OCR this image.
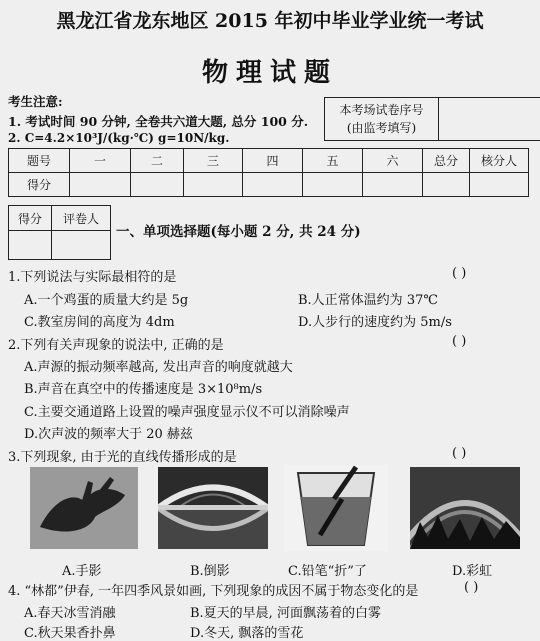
黑龙江省龙东地区 2015 年初中毕业学业统一考试
物理试题
考生注意:
1. 考试时间 90 分钟, 全卷共六道大题, 总分 100 分.
2. C=4.2×10³J/(kg·℃) g=10N/kg.
本考场试卷序号
(由监考填写)
题号	一	二	三	四	五	六	总分	核分人
得分								
得分	评卷人

一、单项选择题(每小题 2 分, 共 24 分)
1.下列说法与实际最相符的是	( )
A.一个鸡蛋的质量大约是 5g	B.人正常体温约为 37℃
C.教室房间的高度为 4dm	D.人步行的速度约为 5m/s
2.下列有关声现象的说法中, 正确的是	( )
A.声源的振动频率越高, 发出声音的响度就越大
B.声音在真空中的传播速度是 3×10⁸m/s
C.主要交通道路上设置的噪声强度显示仪不可以消除噪声
D.次声波的频率大于 20 赫兹
3.下列现象, 由于光的直线传播形成的是	( )
A.手影	B.倒影	C.铅笔“折”了	D.彩虹
4. “林都”伊春, 一年四季风景如画, 下列现象的成因不属于物态变化的是	( )
A.春天冰雪消融	B.夏天的早晨, 河面飘荡着的白雾
C.秋天果香扑鼻	D.冬天, 飘落的雪花
